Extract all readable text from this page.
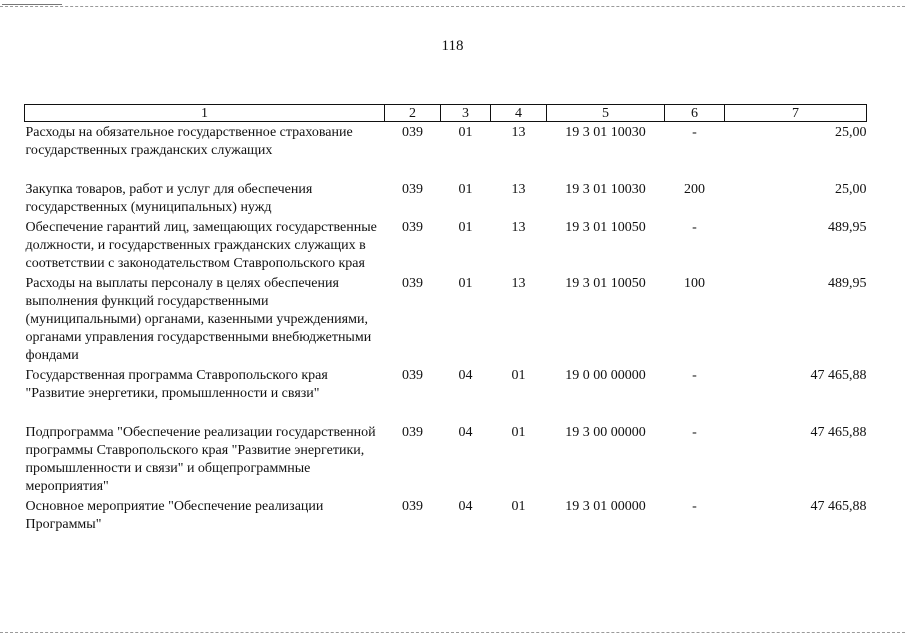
118
1	2	3	4	5	6	7
Расходы на обязательное государственное страхование государственных гражданских служащих	039	01	13	19 3 01 10030	-	25,00
Закупка товаров, работ и услуг для обеспечения государственных (муниципальных) нужд	039	01	13	19 3 01 10030	200	25,00
Обеспечение гарантий лиц, замещающих государственные должности, и государственных гражданских служащих в соответствии с законодательством Ставропольского края	039	01	13	19 3 01 10050	-	489,95
Расходы на выплаты персоналу в целях обеспечения выполнения функций государственными (муниципальными) органами, казенными учреждениями, органами управления государственными внебюджетными фондами	039	01	13	19 3 01 10050	100	489,95
Государственная программа Ставропольского края "Развитие энергетики, промышленности и связи"	039	04	01	19 0 00 00000	-	47 465,88
Подпрограмма "Обеспечение реализации государственной программы Ставропольского края "Развитие энергетики, промышленности и связи" и общепрограммные мероприятия"	039	04	01	19 3 00 00000	-	47 465,88
Основное мероприятие "Обеспечение реализации Программы"	039	04	01	19 3 01 00000	-	47 465,88
